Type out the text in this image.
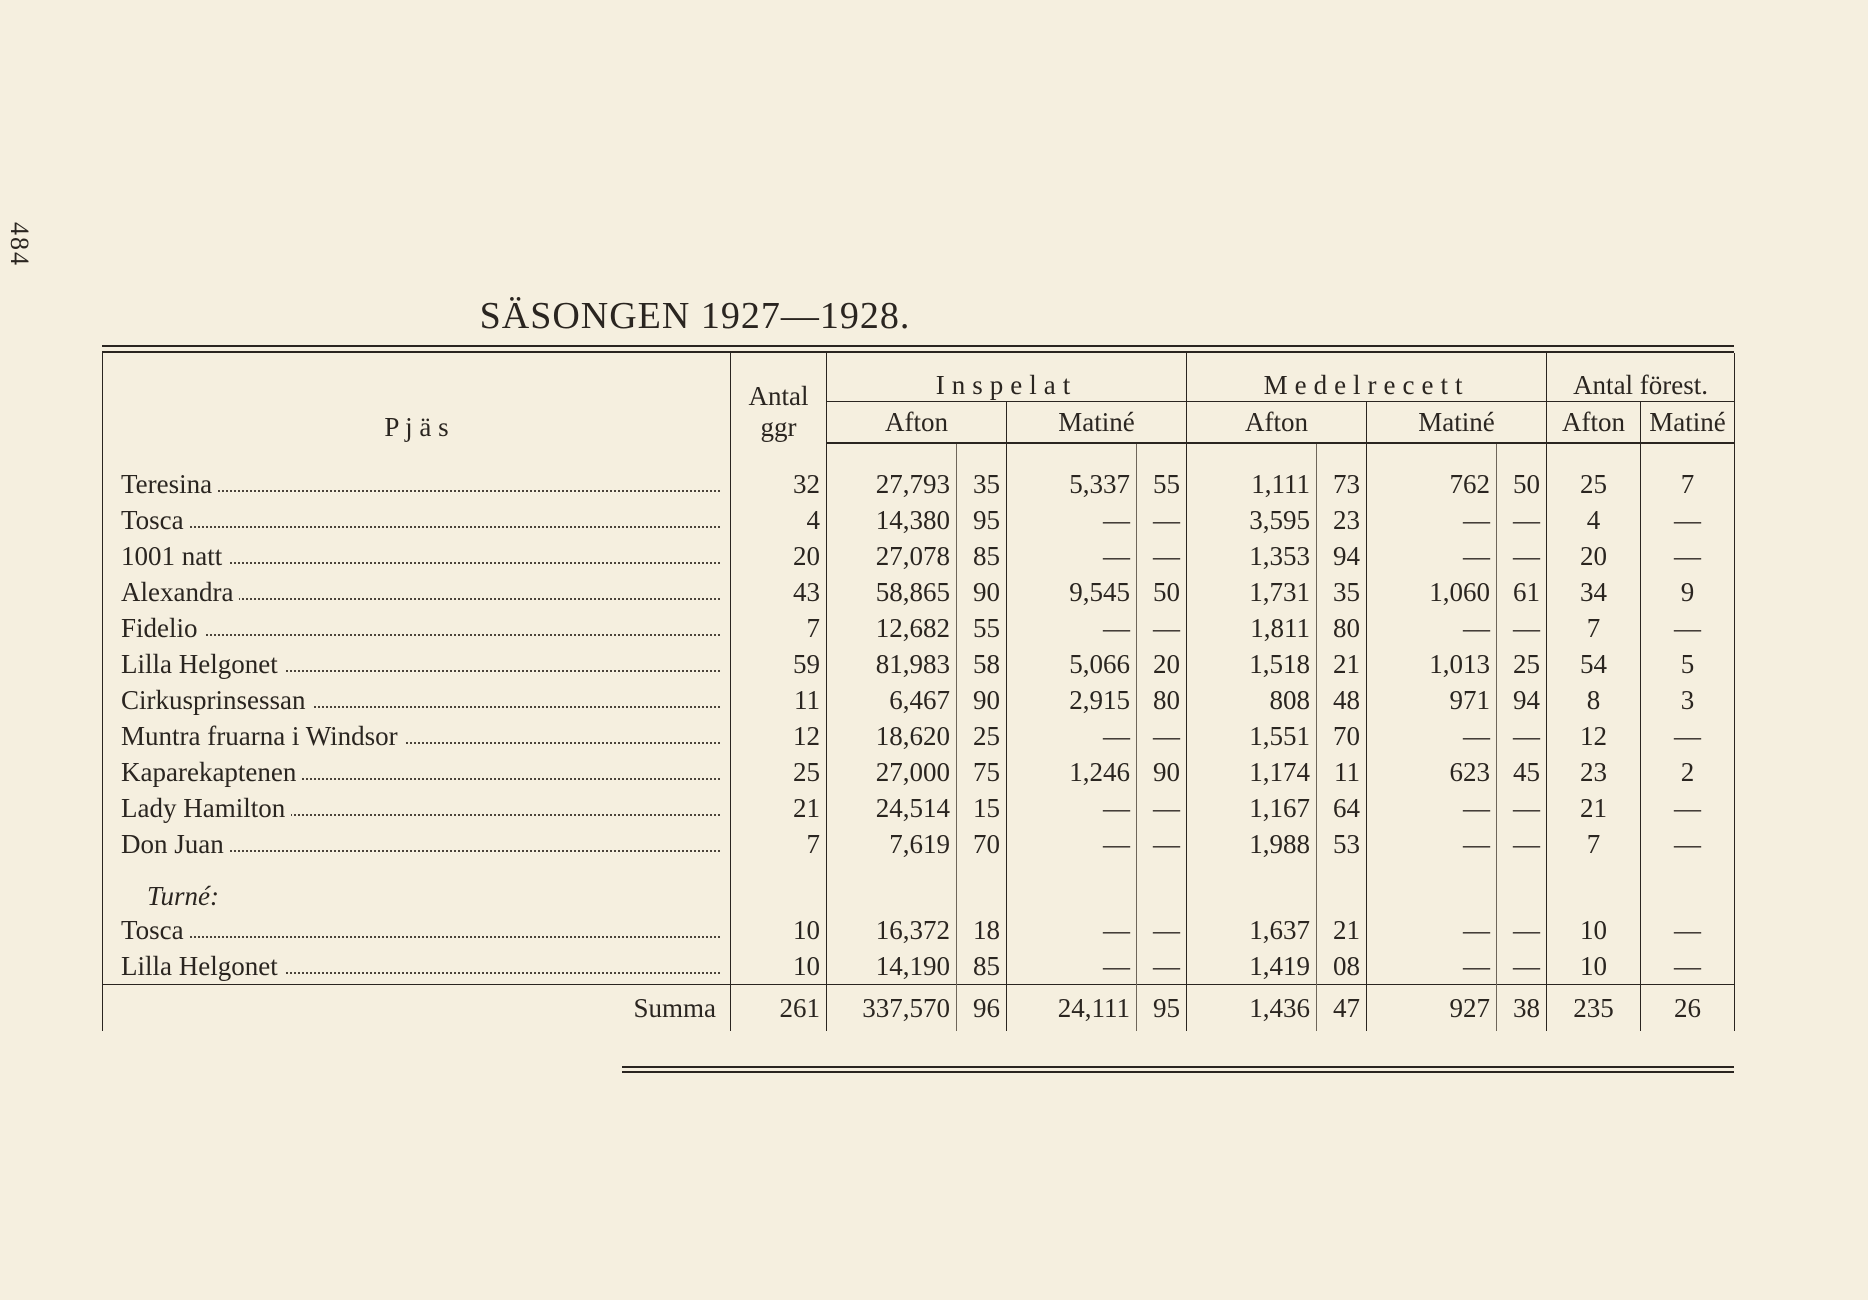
484
SÄSONGEN 1927—1928.
P j ä s	Antal
ggr	Inspelat				Medelrecett				Antal förest.	
		Afton		Matiné		Afton		Matiné		Afton	Matiné

Teresina	32	27,793	35	5,337	55	1,111	73	762	50	25	7
Tosca	4	14,380	95	—	—	3,595	23	—	—	4	—
1001 natt	20	27,078	85	—	—	1,353	94	—	—	20	—
Alexandra	43	58,865	90	9,545	50	1,731	35	1,060	61	34	9
Fidelio	7	12,682	55	—	—	1,811	80	—	—	7	—
Lilla Helgonet	59	81,983	58	5,066	20	1,518	21	1,013	25	54	5
Cirkusprinsessan	11	6,467	90	2,915	80	808	48	971	94	8	3
Muntra fruarna i Windsor	12	18,620	25	—	—	1,551	70	—	—	12	—
Kaparekaptenen	25	27,000	75	1,246	90	1,174	11	623	45	23	2
Lady Hamilton	21	24,514	15	—	—	1,167	64	—	—	21	—
Don Juan	7	7,619	70	—	—	1,988	53	—	—	7	—
Turné:											
Tosca	10	16,372	18	—	—	1,637	21	—	—	10	—
Lilla Helgonet	10	14,190	85	—	—	1,419	08	—	—	10	—
Summa	261	337,570	96	24,111	95	1,436	47	927	38	235	26
